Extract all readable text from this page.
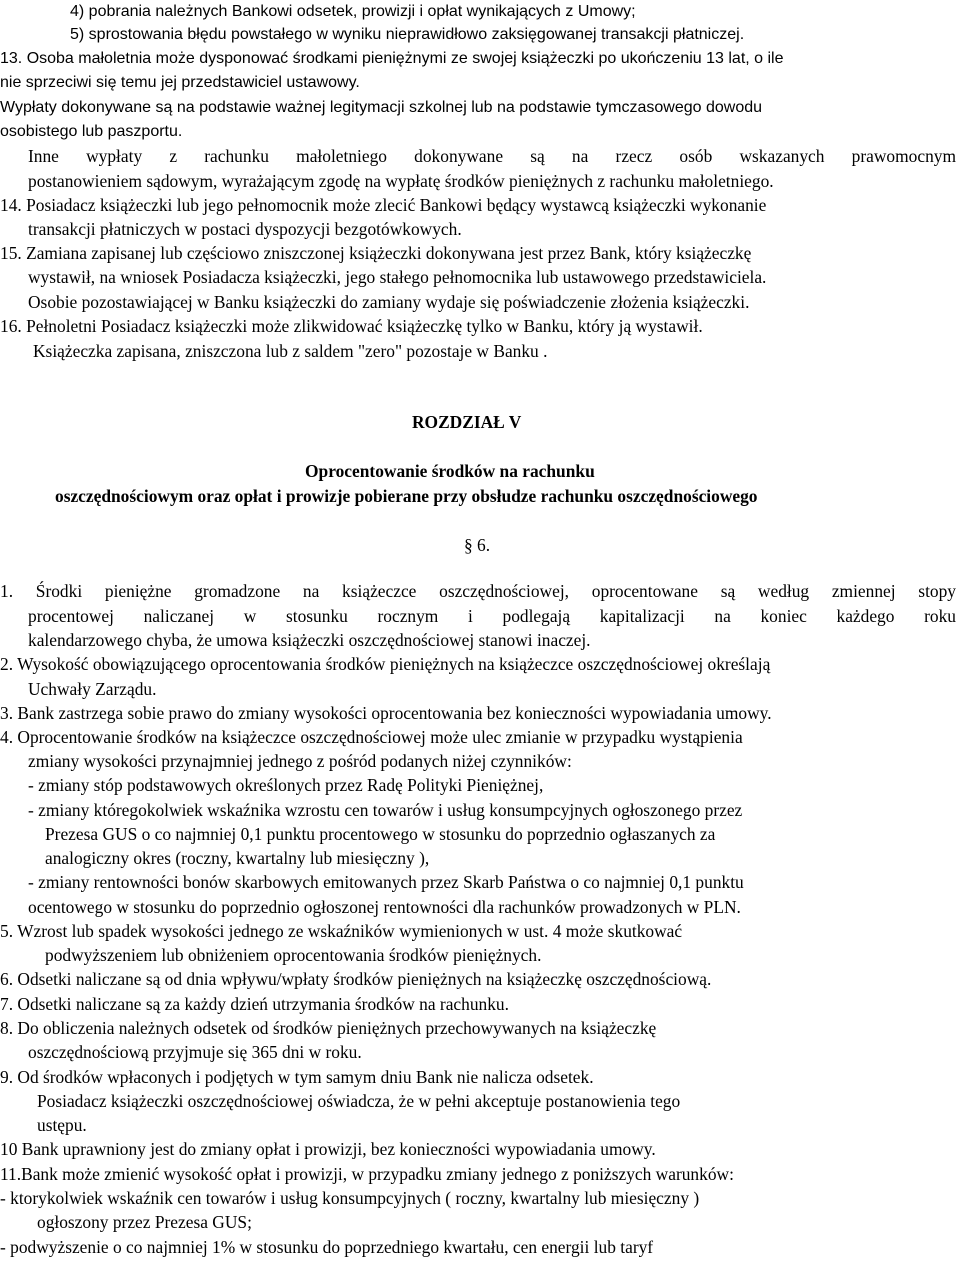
4) pobrania należnych Bankowi odsetek, prowizji i opłat wynikających z Umowy;
5) sprostowania błędu powstałego w wyniku nieprawidłowo zaksięgowanej transakcji płatniczej.
13. Osoba małoletnia może dysponować środkami pieniężnymi ze swojej książeczki po ukończeniu 13 lat, o ile
nie sprzeciwi się temu jej przedstawiciel ustawowy.
Wypłaty dokonywane są na podstawie ważnej legitymacji szkolnej lub na podstawie tymczasowego dowodu
osobistego lub paszportu.
Inne wypłaty z rachunku małoletniego dokonywane są na rzecz osób wskazanych prawomocnym
postanowieniem sądowym, wyrażającym zgodę na wypłatę środków pieniężnych z rachunku małoletniego.
14. Posiadacz książeczki lub jego pełnomocnik może zlecić Bankowi będący wystawcą książeczki wykonanie
transakcji płatniczych w postaci dyspozycji bezgotówkowych.
15. Zamiana zapisanej lub częściowo zniszczonej książeczki dokonywana jest przez Bank, który książeczkę
wystawił, na wniosek Posiadacza książeczki, jego stałego pełnomocnika lub ustawowego przedstawiciela.
Osobie pozostawiającej w Banku książeczki do zamiany wydaje się poświadczenie złożenia książeczki.
16. Pełnoletni Posiadacz książeczki może zlikwidować książeczkę tylko w Banku, który ją wystawił.
Książeczka zapisana, zniszczona lub z saldem "zero" pozostaje w Banku .
ROZDZIAŁ V
Oprocentowanie środków na rachunku
oszczędnościowym oraz opłat i prowizje pobierane przy obsłudze rachunku oszczędnościowego
§ 6.
1. Środki pieniężne gromadzone na książeczce oszczędnościowej, oprocentowane są według zmiennej stopy
procentowej naliczanej w stosunku rocznym i podlegają kapitalizacji na koniec każdego roku
kalendarzowego chyba, że umowa książeczki oszczędnościowej stanowi inaczej.
2. Wysokość obowiązującego oprocentowania środków pieniężnych na książeczce oszczędnościowej określają
Uchwały Zarządu.
3. Bank zastrzega sobie prawo do zmiany wysokości oprocentowania bez konieczności wypowiadania umowy.
4. Oprocentowanie środków na książeczce oszczędnościowej może ulec zmianie w przypadku wystąpienia
zmiany wysokości przynajmniej jednego z pośród podanych niżej czynników:
- zmiany stóp podstawowych określonych przez Radę Polityki Pieniężnej,
- zmiany któregokolwiek wskaźnika wzrostu cen towarów i usług konsumpcyjnych ogłoszonego przez
Prezesa GUS o co najmniej 0,1 punktu procentowego w stosunku do poprzednio ogłaszanych za
analogiczny okres (roczny, kwartalny lub miesięczny ),
- zmiany rentowności bonów skarbowych emitowanych przez Skarb Państwa o co najmniej 0,1 punktu
ocentowego w stosunku do poprzednio ogłoszonej rentowności dla rachunków prowadzonych w PLN.
5. Wzrost lub spadek wysokości jednego ze wskaźników wymienionych w ust. 4 może skutkować
podwyższeniem lub obniżeniem oprocentowania środków pieniężnych.
6. Odsetki naliczane są od dnia wpływu/wpłaty środków pieniężnych na książeczkę oszczędnościową.
7. Odsetki naliczane są za każdy dzień utrzymania środków na rachunku.
8. Do obliczenia należnych odsetek od środków pieniężnych przechowywanych na książeczkę
oszczędnościową przyjmuje się 365 dni w roku.
9. Od środków wpłaconych i podjętych w tym samym dniu Bank nie nalicza odsetek.
Posiadacz książeczki oszczędnościowej oświadcza, że w pełni akceptuje postanowienia tego
ustępu.
10 Bank uprawniony jest do zmiany opłat i prowizji, bez konieczności wypowiadania umowy.
11.Bank może zmienić wysokość opłat i prowizji, w przypadku zmiany jednego z poniższych warunków:
- ktorykolwiek wskaźnik cen towarów i usług konsumpcyjnych ( roczny, kwartalny lub miesięczny )
ogłoszony przez Prezesa GUS;
- podwyższenie o co najmniej 1% w stosunku do poprzedniego kwartału, cen energii lub taryf
